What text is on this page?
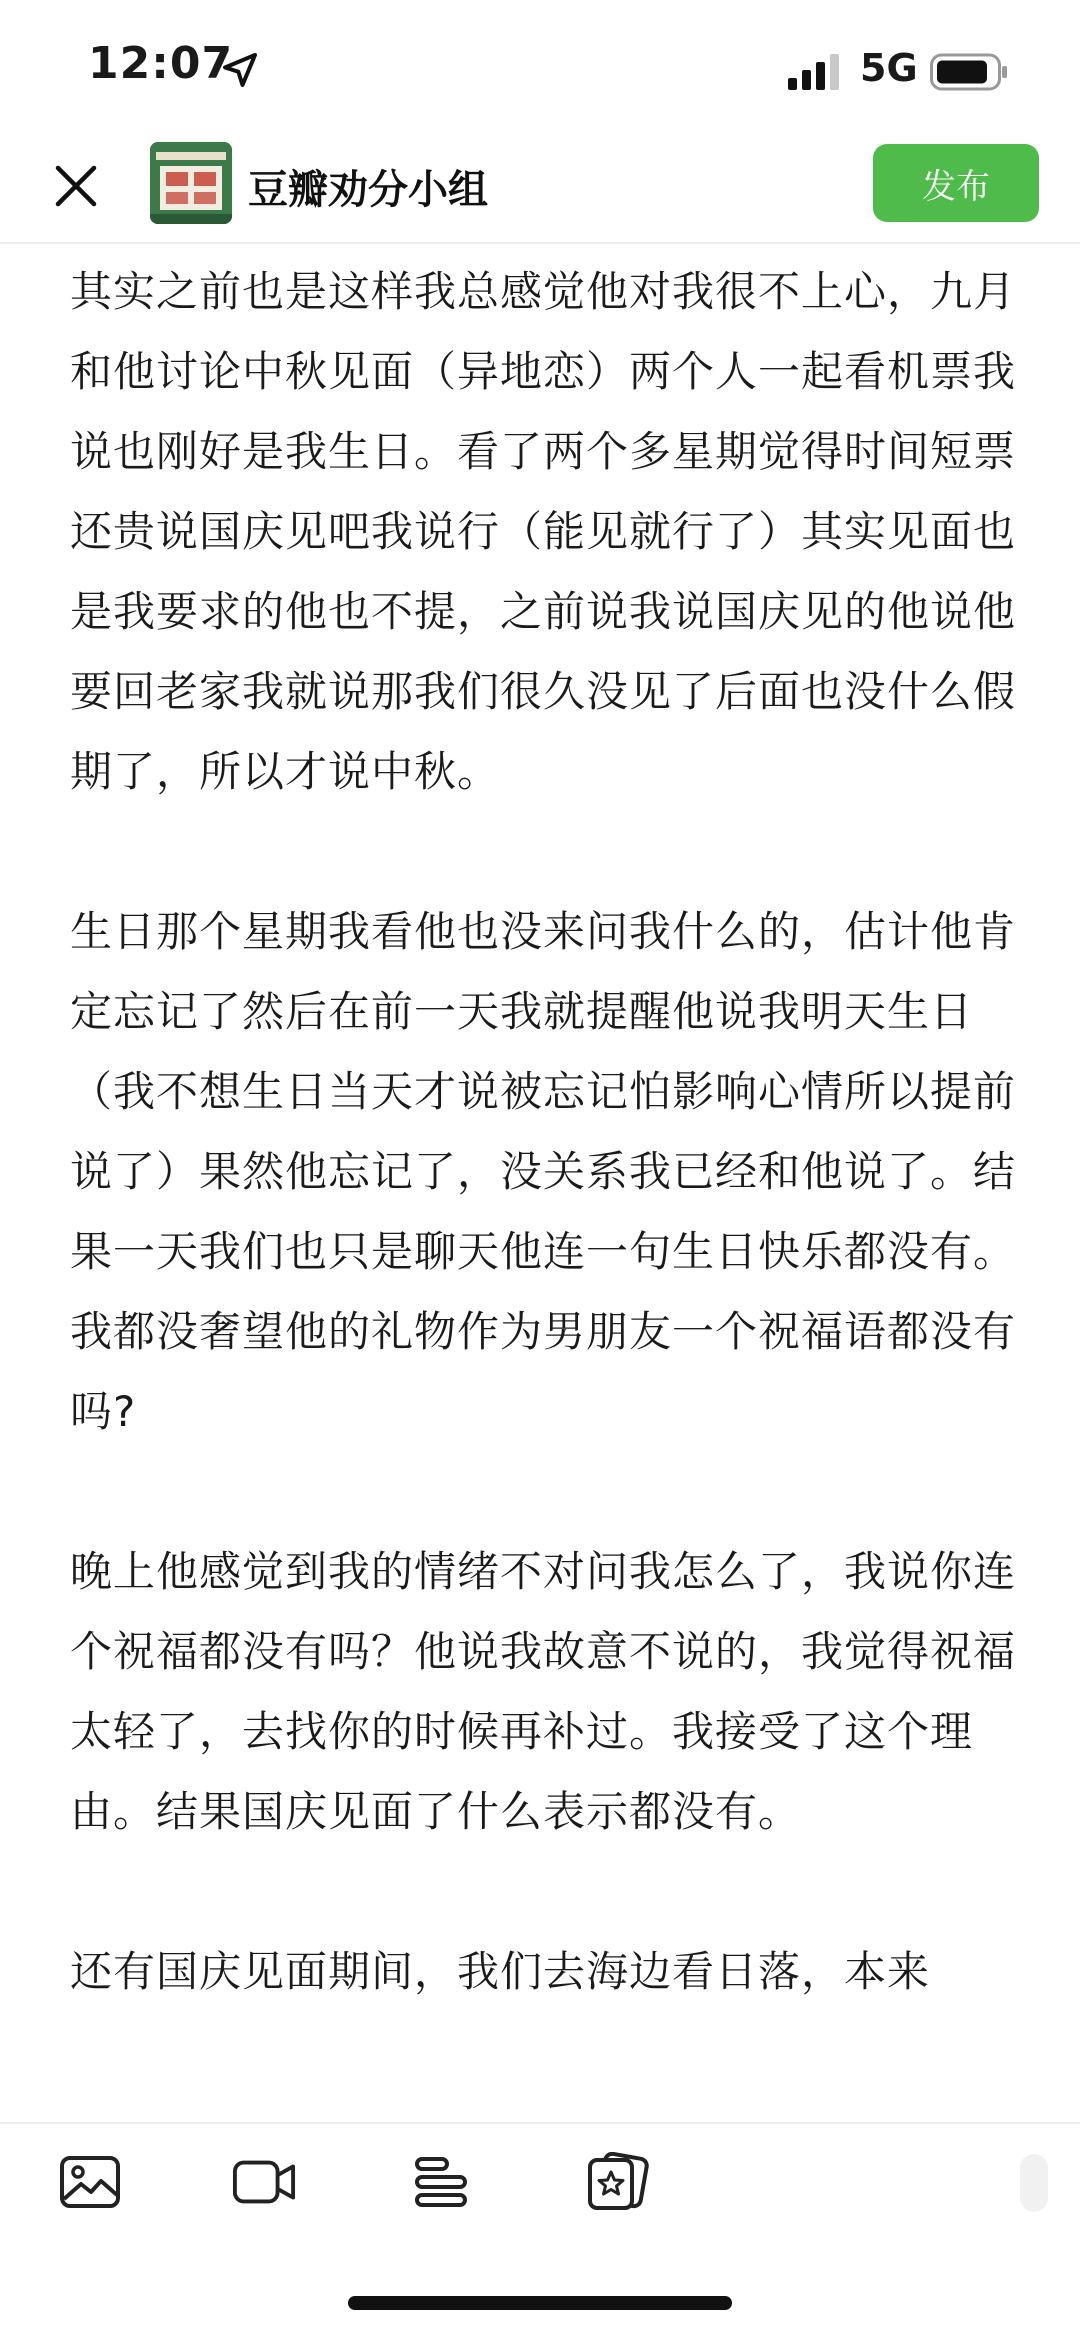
12:07	5G
豆瓣劝分小组	发布

其实之前也是这样我总感觉他对我很不上心，九月和他讨论中秋见面（异地恋）两个人一起看机票我说也刚好是我生日。看了两个多星期觉得时间短票还贵说国庆见吧我说行（能见就行了）其实见面也是我要求的他也不提，之前说我说国庆见的他说他要回老家我就说那我们很久没见了后面也没什么假期了，所以才说中秋。

生日那个星期我看他也没来问我什么的，估计他肯定忘记了然后在前一天我就提醒他说我明天生日（我不想生日当天才说被忘记怕影响心情所以提前说了）果然他忘记了，没关系我已经和他说了。结果一天我们也只是聊天他连一句生日快乐都没有。我都没奢望他的礼物作为男朋友一个祝福语都没有吗?

晚上他感觉到我的情绪不对问我怎么了，我说你连个祝福都没有吗？他说我故意不说的，我觉得祝福太轻了，去找你的时候再补过。我接受了这个理由。结果国庆见面了什么表示都没有。

还有国庆见面期间，我们去海边看日落，本来
